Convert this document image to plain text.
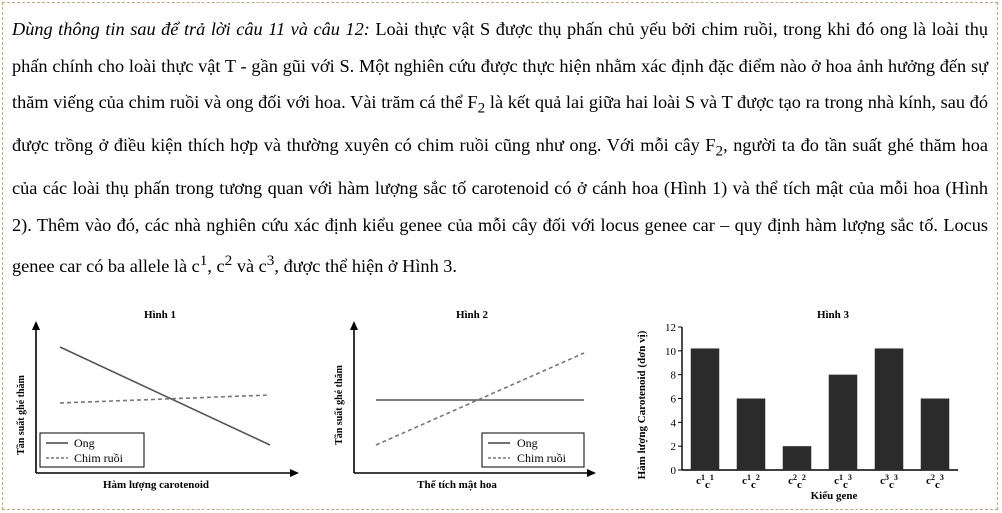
Dùng thông tin sau để trả lời câu 11 và câu 12: Loài thực vật S được thụ phấn chủ yếu bởi chim ruồi, trong khi đó ong là loài thụ phấn chính cho loài thực vật T - gần gũi với S. Một nghiên cứu được thực hiện nhằm xác định đặc điểm nào ở hoa ảnh hưởng đến sự thăm viếng của chim ruồi và ong đối với hoa. Vài trăm cá thể $F_2$ là kết quả lai giữa hai loài S và T được tạo ra trong nhà kính, sau đó được trồng ở điều kiện thích hợp và thường xuyên có chim ruồi cũng như ong. Với mỗi cây $F_2$, người ta đo tần suất ghé thăm hoa của các loài thụ phấn trong tương quan với hàm lượng sắc tố carotenoid có ở cánh hoa (Hình 1) và thể tích mật của mỗi hoa (Hình 2). Thêm vào đó, các nhà nghiên cứu xác định kiểu genee của mỗi cây đối với locus genee car – quy định hàm lượng sắc tố. Locus genee car có ba allele là $c^1$, $c^2$ và $c^3$, được thể hiện ở Hình 3.
Hình 1
Tần suất ghé thăm
Hàm lượng carotenoid
Ong
Chim ruồi
Hình 2
Tần suất ghé thăm
Thể tích mật hoa
Ong
Chim ruồi
Hình 3
Hàm lượng Carotenoid (đơn vị)
Kiểu gene
0
2
4
6
8
10
12
$c^1c^1$	$c^1c^2$	$c^2c^2$	$c^1c^3$	$c^3c^3$	$c^2c^3$
